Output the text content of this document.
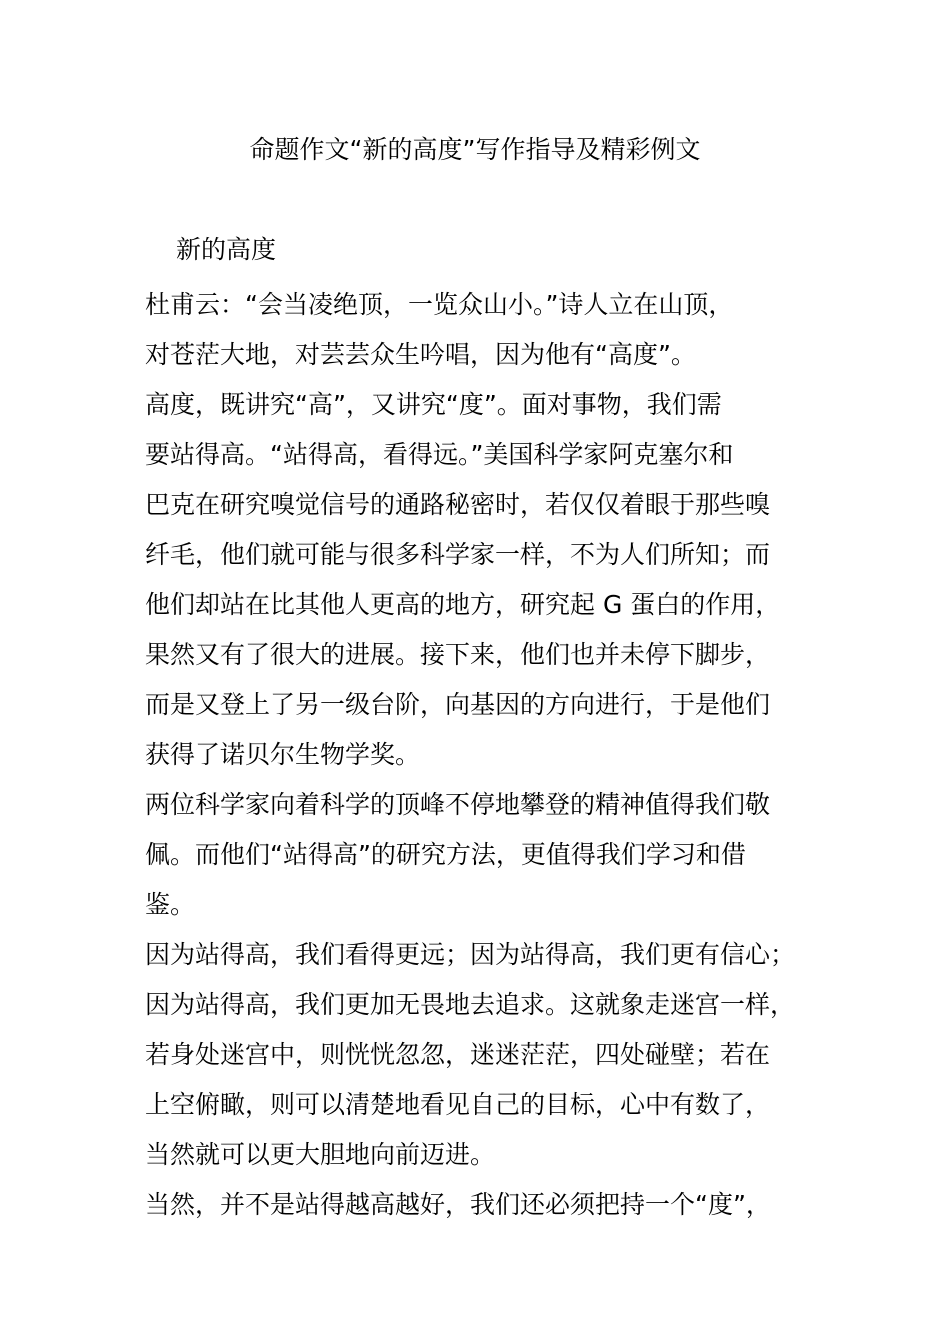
命题作文“新的高度”写作指导及精彩例文
新的高度
杜甫云：“会当凌绝顶，一览众山小。”诗人立在山顶，
对苍茫大地，对芸芸众生吟唱，因为他有“高度”。
高度，既讲究“高”，又讲究“度”。面对事物，我们需
要站得高。“站得高，看得远。”美国科学家阿克塞尔和
巴克在研究嗅觉信号的通路秘密时，若仅仅着眼于那些嗅
纤毛，他们就可能与很多科学家一样，不为人们所知；而
他们却站在比其他人更高的地方，研究起 G 蛋白的作用，
果然又有了很大的进展。接下来，他们也并未停下脚步，
而是又登上了另一级台阶，向基因的方向进行，于是他们
获得了诺贝尔生物学奖。
两位科学家向着科学的顶峰不停地攀登的精神值得我们敬
佩。而他们“站得高”的研究方法，更值得我们学习和借
鉴。
因为站得高，我们看得更远；因为站得高，我们更有信心；
因为站得高，我们更加无畏地去追求。这就象走迷宫一样，
若身处迷宫中，则恍恍忽忽，迷迷茫茫，四处碰壁；若在
上空俯瞰，则可以清楚地看见自己的目标，心中有数了，
当然就可以更大胆地向前迈进。
当然，并不是站得越高越好，我们还必须把持一个“度”，
